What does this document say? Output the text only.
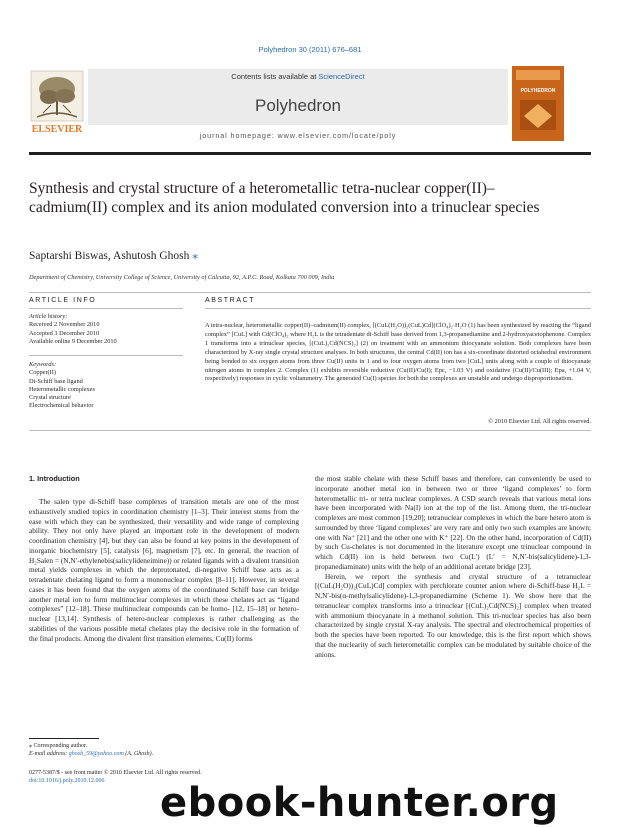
Polyhedron 30 (2011) 676–681
ELSEVIER
Contents lists available at ScienceDirect
Polyhedron
journal homepage: www.elsevier.com/locate/poly
POLYHEDRON
Synthesis and crystal structure of a heterometallic tetra-nuclear copper(II)–cadmium(II) complex and its anion modulated conversion into a trinuclear species
Saptarshi Biswas, Ashutosh Ghosh ⁎
Department of Chemistry, University College of Science, University of Calcutta, 92, A.P.C. Road, Kolkata 700 009, India
ARTICLE INFO
Article history:
Received 2 November 2010
Accepted 3 December 2010
Available online 9 December 2010
Keywords:
Copper(II)
Di-Schiff base ligand
Heterometallic complexes
Crystal structure
Electrochemical behavior
ABSTRACT
A tetra-nuclear, heterometallic copper(II)–cadmium(II) complex, [(CuL(H₂O))₂(CuL)Cd](ClO₄)₂·H₂O (1) has been synthesized by reacting the “ligand complex” [CuL] with Cd(ClO₄)₂ where H₂L is the tetradentate di-Schiff base derived from 1,3-propanediamine and 2-hydroxyacetophenone. Complex 1 transforms into a trinuclear species, [(CuL)₂Cd(NCS)₂] (2) on treatment with an ammonium thiocyanate solution. Both complexes have been characterized by X-ray single crystal structure analyses. In both structures, the central Cd(II) ion has a six-coordinate distorted octahedral environment being bonded to six oxygen atoms from three Cu(II) units in 1 and to four oxygen atoms from two [CuL] units along with a couple of thiocyanate nitrogen atoms in complex 2. Complex (1) exhibits reversible reductive (Cu(II)/Cu(I); Epc, −1.03 V) and oxidative (Cu(II)/Cu(III); Epa, +1.04 V, respectively) responses in cyclic voltammetry. The generated Cu(I) species for both the complexes are unstable and undergo disproportionation.
© 2010 Elsevier Ltd. All rights reserved.
1. Introduction
The salen type di-Schiff base complexes of transition metals are one of the most exhaustively studied topics in coordination chemistry [1–3]. Their interest stems from the ease with which they can be synthesized, their versatility and wide range of complexing ability. They not only have played an important role in the development of modern coordination chemistry [4], but they can also be found at key points in the development of inorganic biochemistry [5], catalysis [6], magnetism [7], etc. In general, the reaction of H₂Salen = (N,N′-ethylenebis(salicylideneimine)) or related ligands with a divalent transition metal yields complexes in which the deprotonated, di-negative Schiff base acts as a tetradentate chelating ligand to form a mononuclear complex [8–11]. However, in several cases it has been found that the oxygen atoms of the coordinated Schiff base can bridge another metal ion to form multinuclear complexes in which these chelates act as “ligand complexes” [12–18]. These multinuclear compounds can be homo- [12, 15–18] or hetero-nuclear [13,14]. Synthesis of hetero-nuclear complexes is rather challenging as the stabilities of the various possible metal chelates play the decisive role in the formation of the final products. Among the divalent first transition elements, Cu(II) forms
the most stable chelate with these Schiff bases and therefore, can conveniently be used to incorporate another metal ion in between two or three ‘ligand complexes’ to form heterometallic tri- or tetra nuclear complexes. A CSD search reveals that various metal ions have been incorporated with Na(I) ion at the top of the list. Among them, the tri-nuclear complexes are most common [19,20]; tetranuclear complexes in which the bare hetero atom is surrounded by three ‘ligand complexes’ are very rare and only two such examples are known; one with Na⁺ [21] and the other one with K⁺ [22]. On the other hand, incorporation of Cd(II) by such Cu-chelates is not documented in the literature except one trinuclear compound in which Cd(II) ion is held between two Cu(L′) (L′ = N,N′-bis(salicylidene)-1,3-propanediaminate) units with the help of an additional acetate bridge [23].
Herein, we report the synthesis and crystal structure of a tetranuclear [(CuL(H₂O))₂(CuL)Cd] complex with perchlorate counter anion where di-Schiff-base H₂L = N,N′-bis(α-methylsalicylidene)-1,3-propanediamine (Scheme 1). We show here that the tetranuclear complex transforms into a trinuclear [(CuL)₂Cd(NCS)₂] complex when treated with ammonium thiocyanate in a methanol solution. This tri-nuclear species has also been characterized by single crystal X-ray analysis. The spectral and electrochemical properties of both the species have been reported. To our knowledge, this is the first report which shows that the nuclearity of such heterometallic complex can be modulated by suitable choice of the anions.
⁎ Corresponding author.
E-mail address: ghosh_59@yahoo.com (A. Ghosh).
0277-5387/$ - see front matter © 2010 Elsevier Ltd. All rights reserved.
doi:10.1016/j.poly.2010.12.006	ebook-hunter.org
